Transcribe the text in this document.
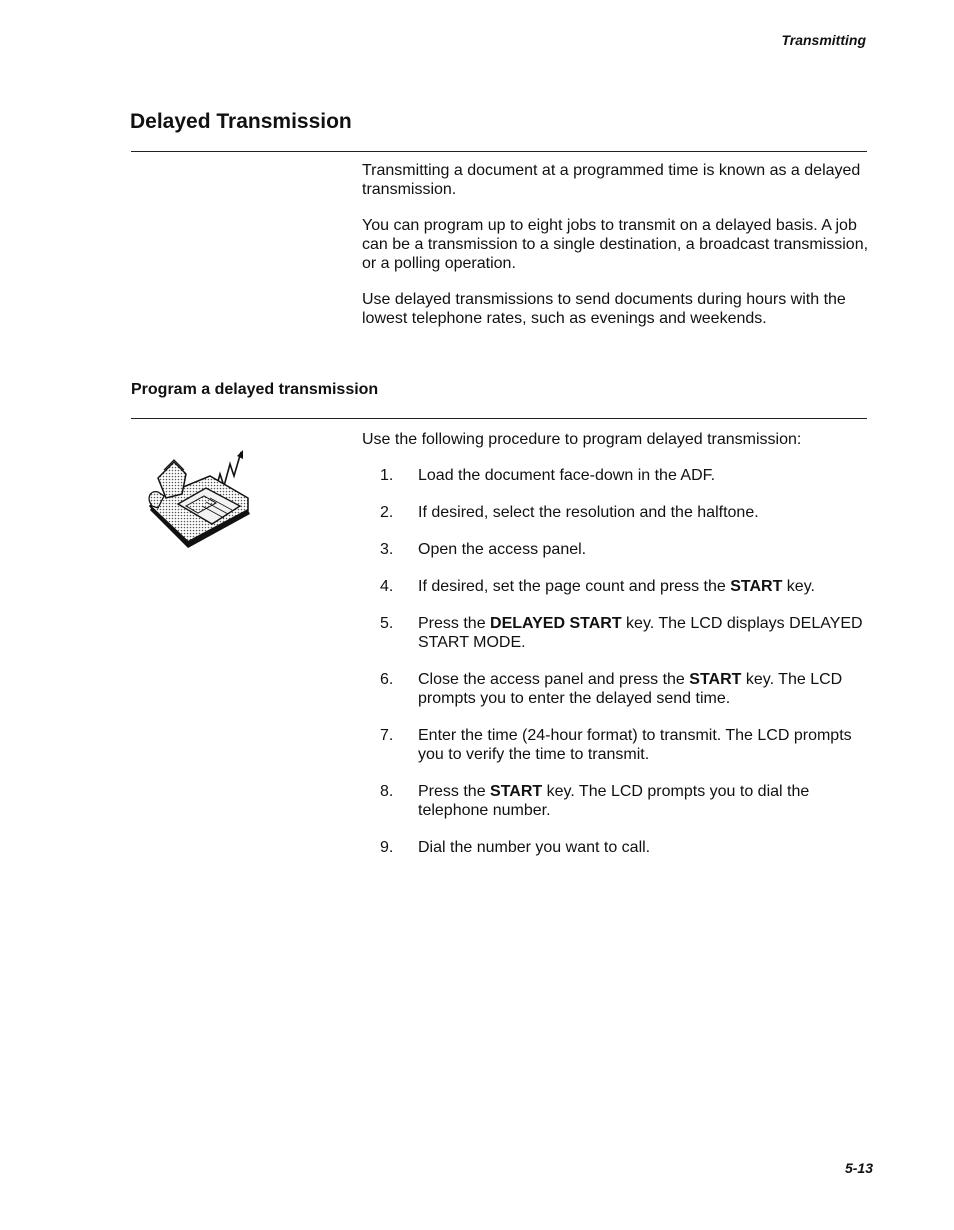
Transmitting
Delayed Transmission

Transmitting a document at a programmed time is known as a delayed transmission.

You can program up to eight jobs to transmit on a delayed basis. A job can be a transmission to a single destination, a broadcast transmission, or a polling operation.

Use delayed transmissions to send documents during hours with the lowest telephone rates, such as evenings and weekends.

Program a delayed transmission

Use the following procedure to program delayed transmission:

1.	Load the document face-down in the ADF.
2.	If desired, select the resolution and the halftone.
3.	Open the access panel.
4.	If desired, set the page count and press the START key.
5.	Press the DELAYED START key. The LCD displays DELAYED START MODE.
6.	Close the access panel and press the START key. The LCD prompts you to enter the delayed send time.
7.	Enter the time (24-hour format) to transmit. The LCD prompts you to verify the time to transmit.
8.	Press the START key. The LCD prompts you to dial the telephone number.
9.	Dial the number you want to call.
5-13
